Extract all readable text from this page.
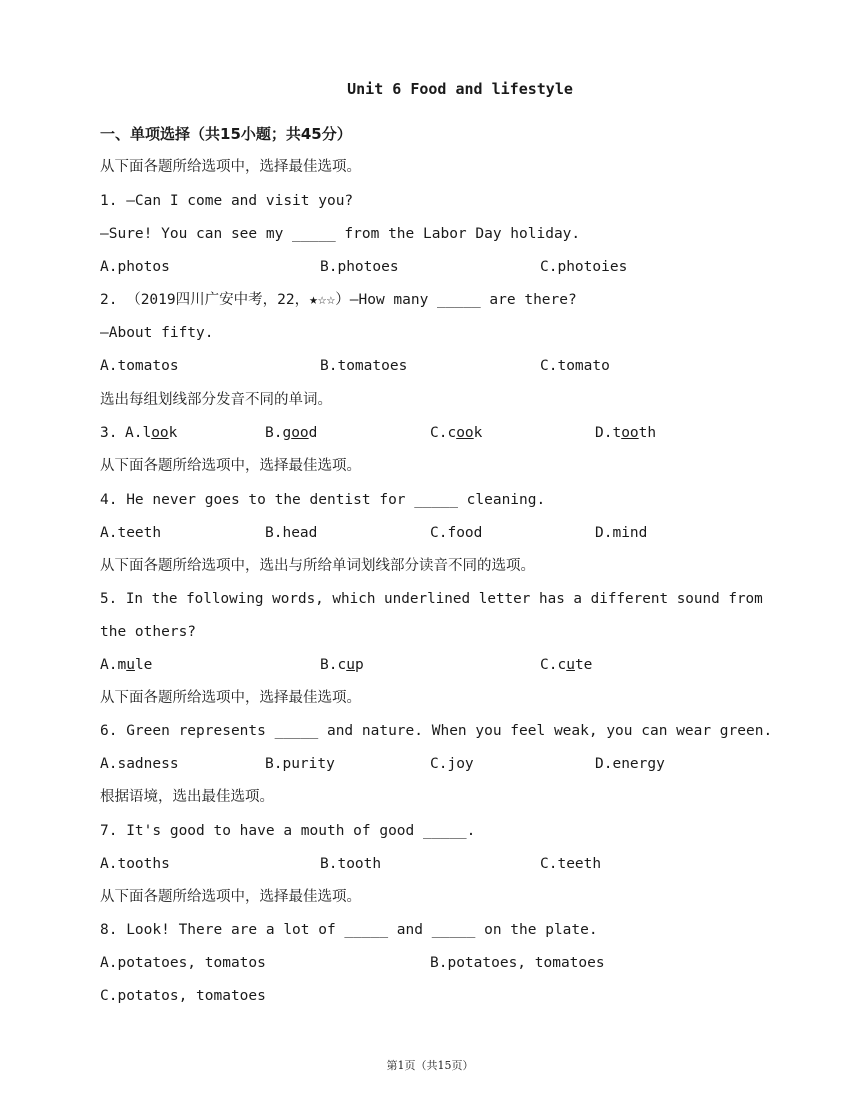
Unit 6 Food and lifestyle
一、单项选择（共15小题；共45分）
从下面各题所给选项中，选择最佳选项。
1. —Can I come and visit you?
—Sure! You can see my _____ from the Labor Day holiday.
A.photos	B.photoes	C.photoies
2. （2019四川广安中考，22，★☆☆）—How many _____ are there?
—About fifty.
A.tomatos	B.tomatoes	C.tomato
选出每组划线部分发音不同的单词。
3. A.look	B.good	C.cook	D.tooth
从下面各题所给选项中，选择最佳选项。
4. He never goes to the dentist for _____ cleaning.
A.teeth	B.head	C.food	D.mind
从下面各题所给选项中，选出与所给单词划线部分读音不同的选项。
5. In the following words, which underlined letter has a different sound from
the others?
A.mule	B.cup	C.cute
从下面各题所给选项中，选择最佳选项。
6. Green represents _____ and nature. When you feel weak, you can wear green.
A.sadness	B.purity	C.joy	D.energy
根据语境，选出最佳选项。
7. It's good to have a mouth of good _____.
A.tooths	B.tooth	C.teeth
从下面各题所给选项中，选择最佳选项。
8. Look! There are a lot of _____ and _____ on the plate.
A.potatoes, tomatos	B.potatoes, tomatoes
C.potatos, tomatoes
第1页（共15页）
